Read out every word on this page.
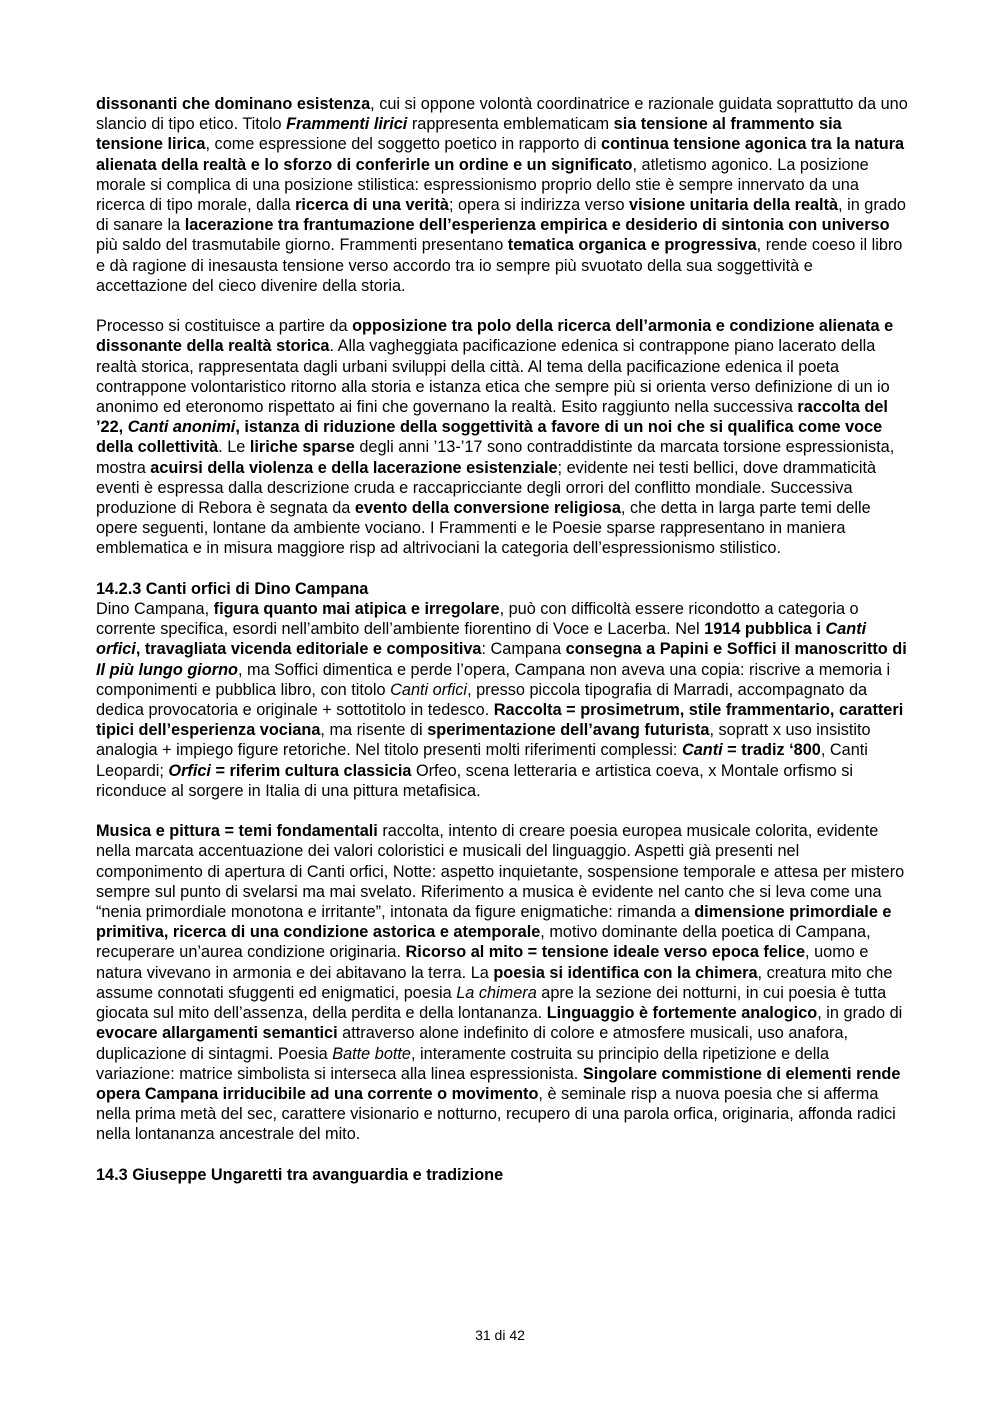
dissonanti che dominano esistenza, cui si oppone volontà coordinatrice e razionale guidata soprattutto da uno slancio di tipo etico. Titolo Frammenti lirici rappresenta emblematicam sia tensione al frammento sia tensione lirica, come espressione del soggetto poetico in rapporto di continua tensione agonica tra la natura alienata della realtà e lo sforzo di conferirle un ordine e un significato, atletismo agonico. La posizione morale si complica di una posizione stilistica: espressionismo proprio dello stie è sempre innervato da una ricerca di tipo morale, dalla ricerca di una verità; opera si indirizza verso visione unitaria della realtà, in grado di sanare la lacerazione tra frantumazione dell’esperienza empirica e desiderio di sintonia con universo più saldo del trasmutabile giorno. Frammenti presentano tematica organica e progressiva, rende coeso il libro e dà ragione di inesausta tensione verso accordo tra io sempre più svuotato della sua soggettività e accettazione del cieco divenire della storia.

Processo si costituisce a partire da opposizione tra polo della ricerca dell’armonia e condizione alienata e dissonante della realtà storica. Alla vagheggiata pacificazione edenica si contrappone piano lacerato della realtà storica, rappresentata dagli urbani sviluppi della città. Al tema della pacificazione edenica il poeta contrappone volontaristico ritorno alla storia e istanza etica che sempre più si orienta verso definizione di un io anonimo ed eteronomo rispettato ai fini che governano la realtà. Esito raggiunto nella successiva raccolta del ’22, Canti anonimi, istanza di riduzione della soggettività a favore di un noi che si qualifica come voce della collettività. Le liriche sparse degli anni ’13-’17 sono contraddistinte da marcata torsione espressionista, mostra acuirsi della violenza e della lacerazione esistenziale; evidente nei testi bellici, dove drammaticità eventi è espressa dalla descrizione cruda e raccapricciante degli orrori del conflitto mondiale. Successiva produzione di Rebora è segnata da evento della conversione religiosa, che detta in larga parte temi delle opere seguenti, lontane da ambiente vociano. I Frammenti e le Poesie sparse rappresentano in maniera emblematica e in misura maggiore risp ad altrivociani la categoria dell’espressionismo stilistico.

14.2.3 Canti orfici di Dino Campana

Dino Campana, figura quanto mai atipica e irregolare, può con difficoltà essere ricondotto a categoria o corrente specifica, esordi nell’ambito dell’ambiente fiorentino di Voce e Lacerba. Nel 1914 pubblica i Canti orfici, travagliata vicenda editoriale e compositiva: Campana consegna a Papini e Soffici il manoscritto di Il più lungo giorno, ma Soffici dimentica e perde l’opera, Campana non aveva una copia: riscrive a memoria i componimenti e pubblica libro, con titolo Canti orfici, presso piccola tipografia di Marradi, accompagnato da dedica provocatoria e originale + sottotitolo in tedesco. Raccolta = prosimetrum, stile frammentario, caratteri tipici dell’esperienza vociana, ma risente di sperimentazione dell’avang futurista, sopratt x uso insistito analogia + impiego figure retoriche. Nel titolo presenti molti riferimenti complessi: Canti = tradiz ‘800, Canti Leopardi; Orfici = riferim cultura classicia Orfeo, scena letteraria e artistica coeva, x Montale orfismo si riconduce al sorgere in Italia di una pittura metafisica.

Musica e pittura = temi fondamentali raccolta, intento di creare poesia europea musicale colorita, evidente nella marcata accentuazione dei valori coloristici e musicali del linguaggio. Aspetti già presenti nel componimento di apertura di Canti orfici, Notte: aspetto inquietante, sospensione temporale e attesa per mistero sempre sul punto di svelarsi ma mai svelato. Riferimento a musica è evidente nel canto che si leva come una “nenia primordiale monotona e irritante”, intonata da figure enigmatiche: rimanda a dimensione primordiale e primitiva, ricerca di una condizione astorica e atemporale, motivo dominante della poetica di Campana, recuperare un’aurea condizione originaria. Ricorso al mito = tensione ideale verso epoca felice, uomo e natura vivevano in armonia e dei abitavano la terra. La poesia si identifica con la chimera, creatura mito che assume connotati sfuggenti ed enigmatici, poesia La chimera apre la sezione dei notturni, in cui poesia è tutta giocata sul mito dell’assenza, della perdita e della lontananza. Linguaggio è fortemente analogico, in grado di evocare allargamenti semantici attraverso alone indefinito di colore e atmosfere musicali, uso anafora, duplicazione di sintagmi. Poesia Batte botte, interamente costruita su principio della ripetizione e della variazione: matrice simbolista si interseca alla linea espressionista. Singolare commistione di elementi rende opera Campana irriducibile ad una corrente o movimento, è seminale risp a nuova poesia che si afferma nella prima metà del sec, carattere visionario e notturno, recupero di una parola orfica, originaria, affonda radici nella lontananza ancestrale del mito.

14.3 Giuseppe Ungaretti tra avanguardia e tradizione
31 di 42
